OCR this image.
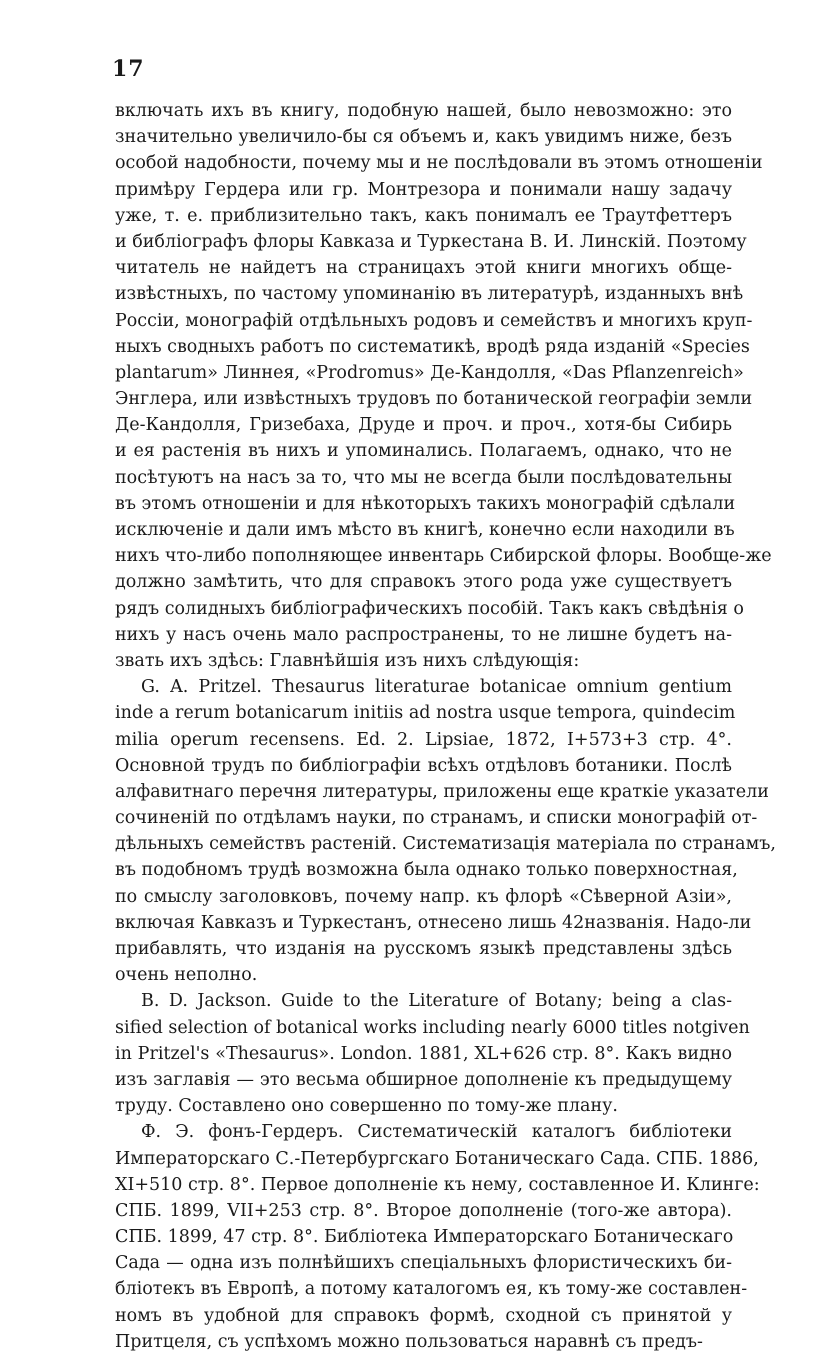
17
включать ихъ въ книгу, подобную нашей, было невозможно: это
значительно увеличило-бы ся объемъ и, какъ увидимъ ниже, безъ
особой надобности, почему мы и не послѣдовали въ этомъ отношеніи
примѣру Гердера или гр. Монтрезора и понимали нашу задачу
уже, т. е. приблизительно такъ, какъ понималъ ее Траутфеттеръ
и библіографъ флоры Кавказа и Туркестана В. И. Линскій. Поэтому
читатель не найдетъ на страницахъ этой книги многихъ обще-
извѣстныхъ, по частому упоминанію въ литературѣ, изданныхъ внѣ
Россіи, монографій отдѣльныхъ родовъ и семействъ и многихъ круп-
ныхъ сводныхъ работъ по систематикѣ, вродѣ ряда изданій «Species
plantarum» Линнея, «Prodromus» Де-Кандолля, «Das Pflanzenreich»
Энглера, или извѣстныхъ трудовъ по ботанической географіи земли
Де-Кандолля, Гризебаха, Друде и проч. и проч., хотя-бы Сибирь
и ея растенія въ нихъ и упоминались. Полагаемъ, однако, что не
посѣтуютъ на насъ за то, что мы не всегда были послѣдовательны
въ этомъ отношеніи и для нѣкоторыхъ такихъ монографій сдѣлали
исключеніе и дали имъ мѣсто въ книгѣ, конечно если находили въ
нихъ что-либо пополняющее инвентарь Сибирской флоры. Вообще-же
должно замѣтить, что для справокъ этого рода уже существуетъ
рядъ солидныхъ библіографическихъ пособій. Такъ какъ свѣдѣнія о
нихъ у насъ очень мало распространены, то не лишне будетъ на-
звать ихъ здѣсь: Главнѣйшія изъ нихъ слѣдующія:
G. A. Pritzel. Thesaurus literaturae botanicae omnium gentium
inde a rerum botanicarum initiis ad nostra usque tempora, quindecim
milia operum recensens. Ed. 2. Lipsiae, 1872, I+573+3 стр. 4°.
Основной трудъ по библіографіи всѣхъ отдѣловъ ботаники. Послѣ
алфавитнаго перечня литературы, приложены еще краткіе указатели
сочиненій по отдѣламъ науки, по странамъ, и списки монографій от-
дѣльныхъ семействъ растеній. Систематизація матеріала по странамъ,
въ подобномъ трудѣ возможна была однако только поверхностная,
по смыслу заголовковъ, почему напр. къ флорѣ «Сѣверной Азіи»,
включая Кавказъ и Туркестанъ, отнесено лишь 42названія. Надо-ли
прибавлять, что изданія на русскомъ языкѣ представлены здѣсь
очень неполно.
B. D. Jackson. Guide to the Literature of Botany; being a clas-
sified selection of botanical works including nearly 6000 titles notgiven
in Pritzel's «Thesaurus». London. 1881, XL+626 стр. 8°. Какъ видно
изъ заглавія — это весьма обширное дополненіе къ предыдущему
труду. Составлено оно совершенно по тому-же плану.
Ф. Э. фонъ-Гердеръ. Систематическій каталогъ библіотеки
Императорскаго С.-Петербургскаго Ботаническаго Сада. СПБ. 1886,
XI+510 стр. 8°. Первое дополненіе къ нему, составленное И. Клинге:
СПБ. 1899, VII+253 стр. 8°. Второе дополненіе (того-же автора).
СПБ. 1899, 47 стр. 8°. Библіотека Императорскаго Ботаническаго
Сада — одна изъ полнѣйшихъ спеціальныхъ флористическихъ би-
бліотекъ въ Европѣ, а потому каталогомъ ея, къ тому-же составлен-
номъ въ удобной для справокъ формѣ, сходной съ принятой у
Притцеля, съ успѣхомъ можно пользоваться наравнѣ съ предъ-
